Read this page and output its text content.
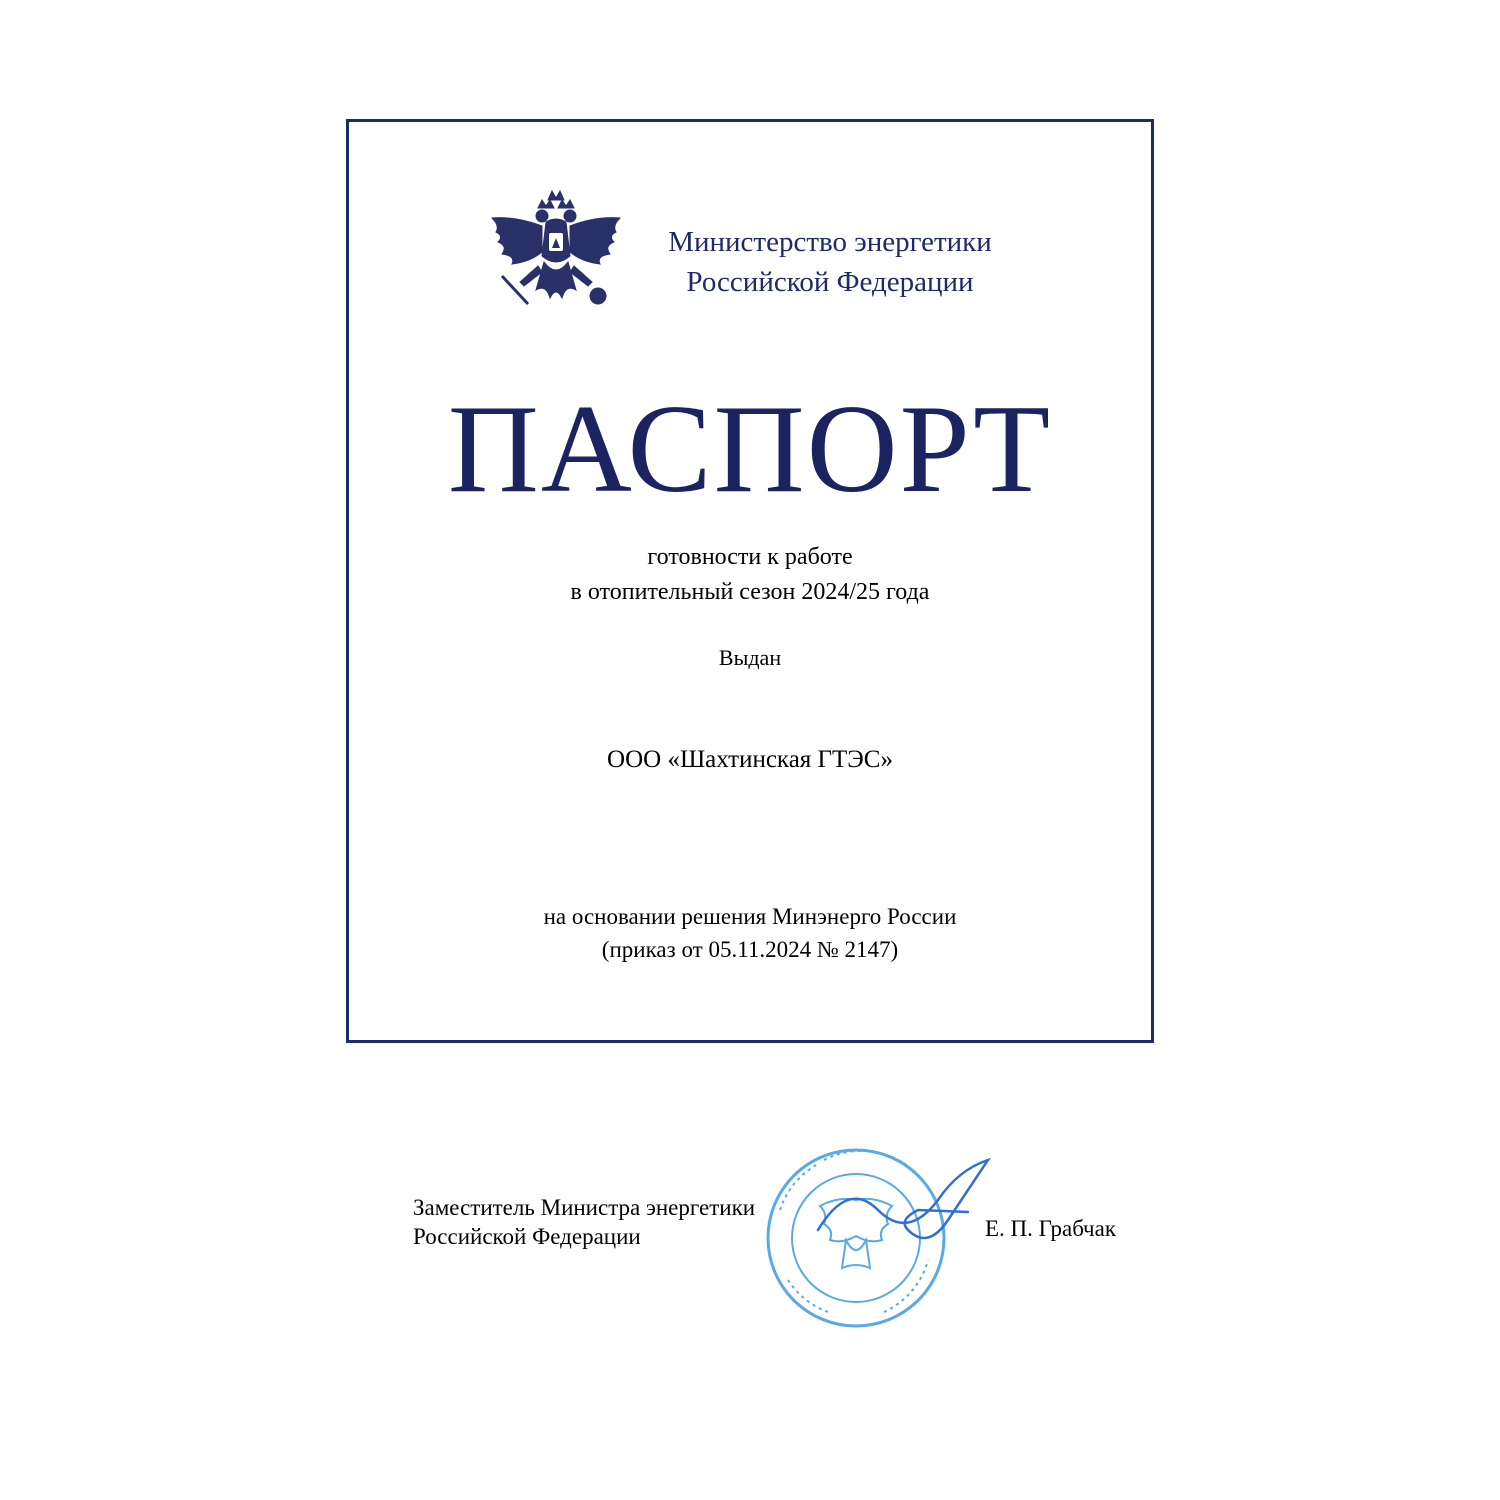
Министерство энергетики
Российской Федерации
ПАСПОРТ
готовности к работе
в отопительный сезон 2024/25 года
Выдан
ООО «Шахтинская ГТЭС»
на основании решения Минэнерго России
(приказ от 05.11.2024 № 2147)
Заместитель Министра энергетики
Российской Федерации	Е. П. Грабчак
